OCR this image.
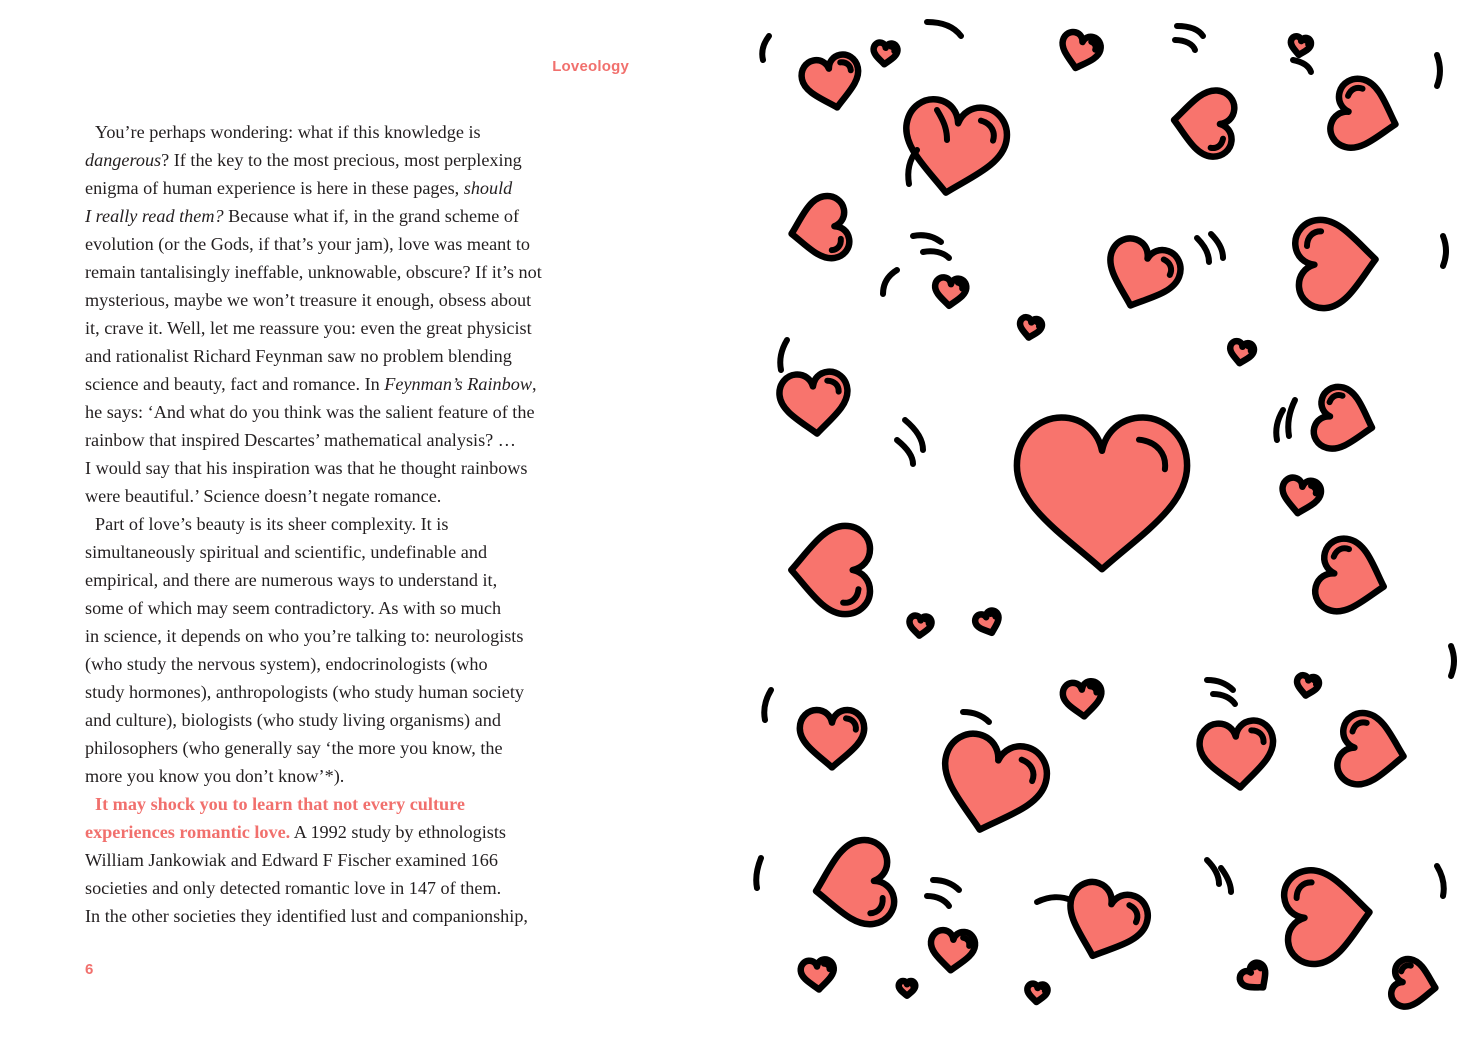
Loveology

You’re perhaps wondering: what if this knowledge is
dangerous? If the key to the most precious, most perplexing
enigma of human experience is here in these pages, should
I really read them? Because what if, in the grand scheme of
evolution (or the Gods, if that’s your jam), love was meant to
remain tantalisingly ineffable, unknowable, obscure? If it’s not
mysterious, maybe we won’t treasure it enough, obsess about
it, crave it. Well, let me reassure you: even the great physicist
and rationalist Richard Feynman saw no problem blending
science and beauty, fact and romance. In Feynman’s Rainbow,
he says: ‘And what do you think was the salient feature of the
rainbow that inspired Descartes’ mathematical analysis? …
I would say that his inspiration was that he thought rainbows
were beautiful.’ Science doesn’t negate romance.

Part of love’s beauty is its sheer complexity. It is
simultaneously spiritual and scientific, undefinable and
empirical, and there are numerous ways to understand it,
some of which may seem contradictory. As with so much
in science, it depends on who you’re talking to: neurologists
(who study the nervous system), endocrinologists (who
study hormones), anthropologists (who study human society
and culture), biologists (who study living organisms) and
philosophers (who generally say ‘the more you know, the
more you know you don’t know’*).

It may shock you to learn that not every culture
experiences romantic love. A 1992 study by ethnologists
William Jankowiak and Edward F Fischer examined 166
societies and only detected romantic love in 147 of them.
In the other societies they identified lust and companionship,

6
